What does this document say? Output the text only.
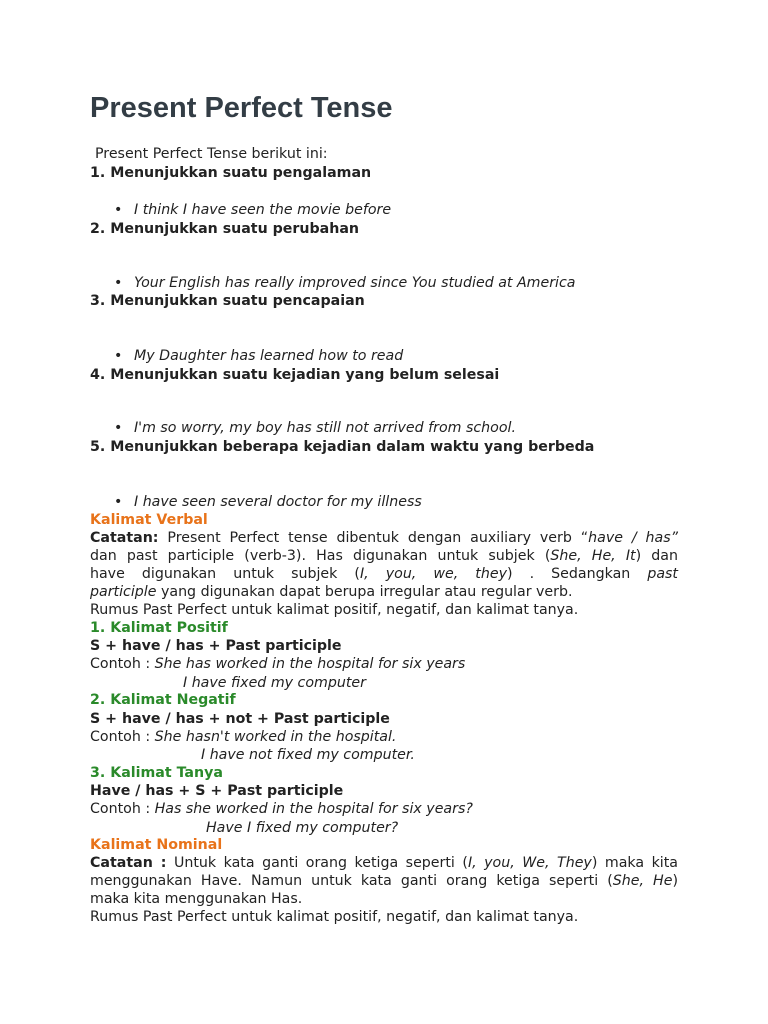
Present Perfect Tense
Present Perfect Tense berikut ini:
1. Menunjukkan suatu pengalaman
• I think I have seen the movie before
2. Menunjukkan suatu perubahan
• Your English has really improved since You studied at America
3. Menunjukkan suatu pencapaian
• My Daughter has learned how to read
4. Menunjukkan suatu kejadian yang belum selesai
• I'm so worry, my boy has still not arrived from school.
5. Menunjukkan beberapa kejadian dalam waktu yang berbeda
• I have seen several doctor for my illness
Kalimat Verbal
Catatan: Present Perfect tense dibentuk dengan auxiliary verb “have / has”
dan past participle (verb-3). Has digunakan untuk subjek (She, He, It) dan
have digunakan untuk subjek (I, you, we, they) . Sedangkan past
participle yang digunakan dapat berupa irregular atau regular verb.
Rumus Past Perfect untuk kalimat positif, negatif, dan kalimat tanya.
1. Kalimat Positif
S + have / has + Past participle
Contoh : She has worked in the hospital for six years
I have fixed my computer
2. Kalimat Negatif
S + have / has + not + Past participle
Contoh : She hasn't worked in the hospital.
I have not fixed my computer.
3. Kalimat Tanya
Have / has + S + Past participle
Contoh : Has she worked in the hospital for six years?
Have I fixed my computer?
Kalimat Nominal
Catatan : Untuk kata ganti orang ketiga seperti (I, you, We, They) maka kita
menggunakan Have. Namun untuk kata ganti orang ketiga seperti (She, He)
maka kita menggunakan Has.
Rumus Past Perfect untuk kalimat positif, negatif, dan kalimat tanya.
